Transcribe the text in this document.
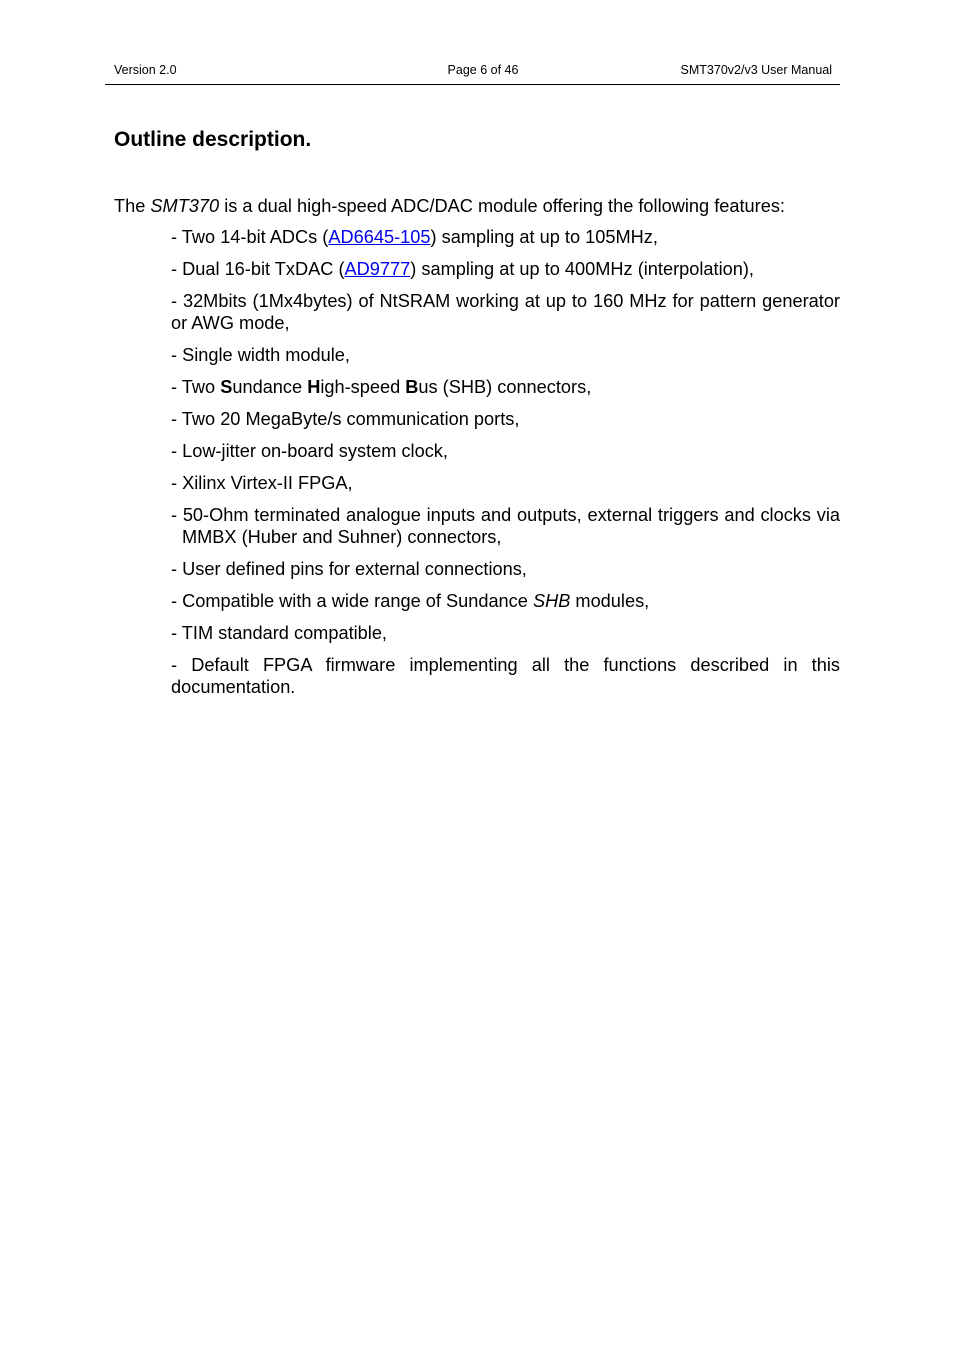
Version 2.0	Page 6 of 46	SMT370v2/v3 User Manual
Outline description.

The SMT370 is a dual high-speed ADC/DAC module offering the following features:

- Two 14-bit ADCs (AD6645-105) sampling at up to 105MHz,
- Dual 16-bit TxDAC (AD9777) sampling at up to 400MHz (interpolation),
- 32Mbits (1Mx4bytes) of NtSRAM working at up to 160 MHz for pattern generator or AWG mode,
- Single width module,
- Two Sundance High-speed Bus (SHB) connectors,
- Two 20 MegaByte/s communication ports,
- Low-jitter on-board system clock,
- Xilinx Virtex-II FPGA,
- 50-Ohm terminated analogue inputs and outputs, external triggers and clocks via MMBX (Huber and Suhner) connectors,
- User defined pins for external connections,
- Compatible with a wide range of Sundance SHB modules,
- TIM standard compatible,
- Default FPGA firmware implementing all the functions described in this documentation.
